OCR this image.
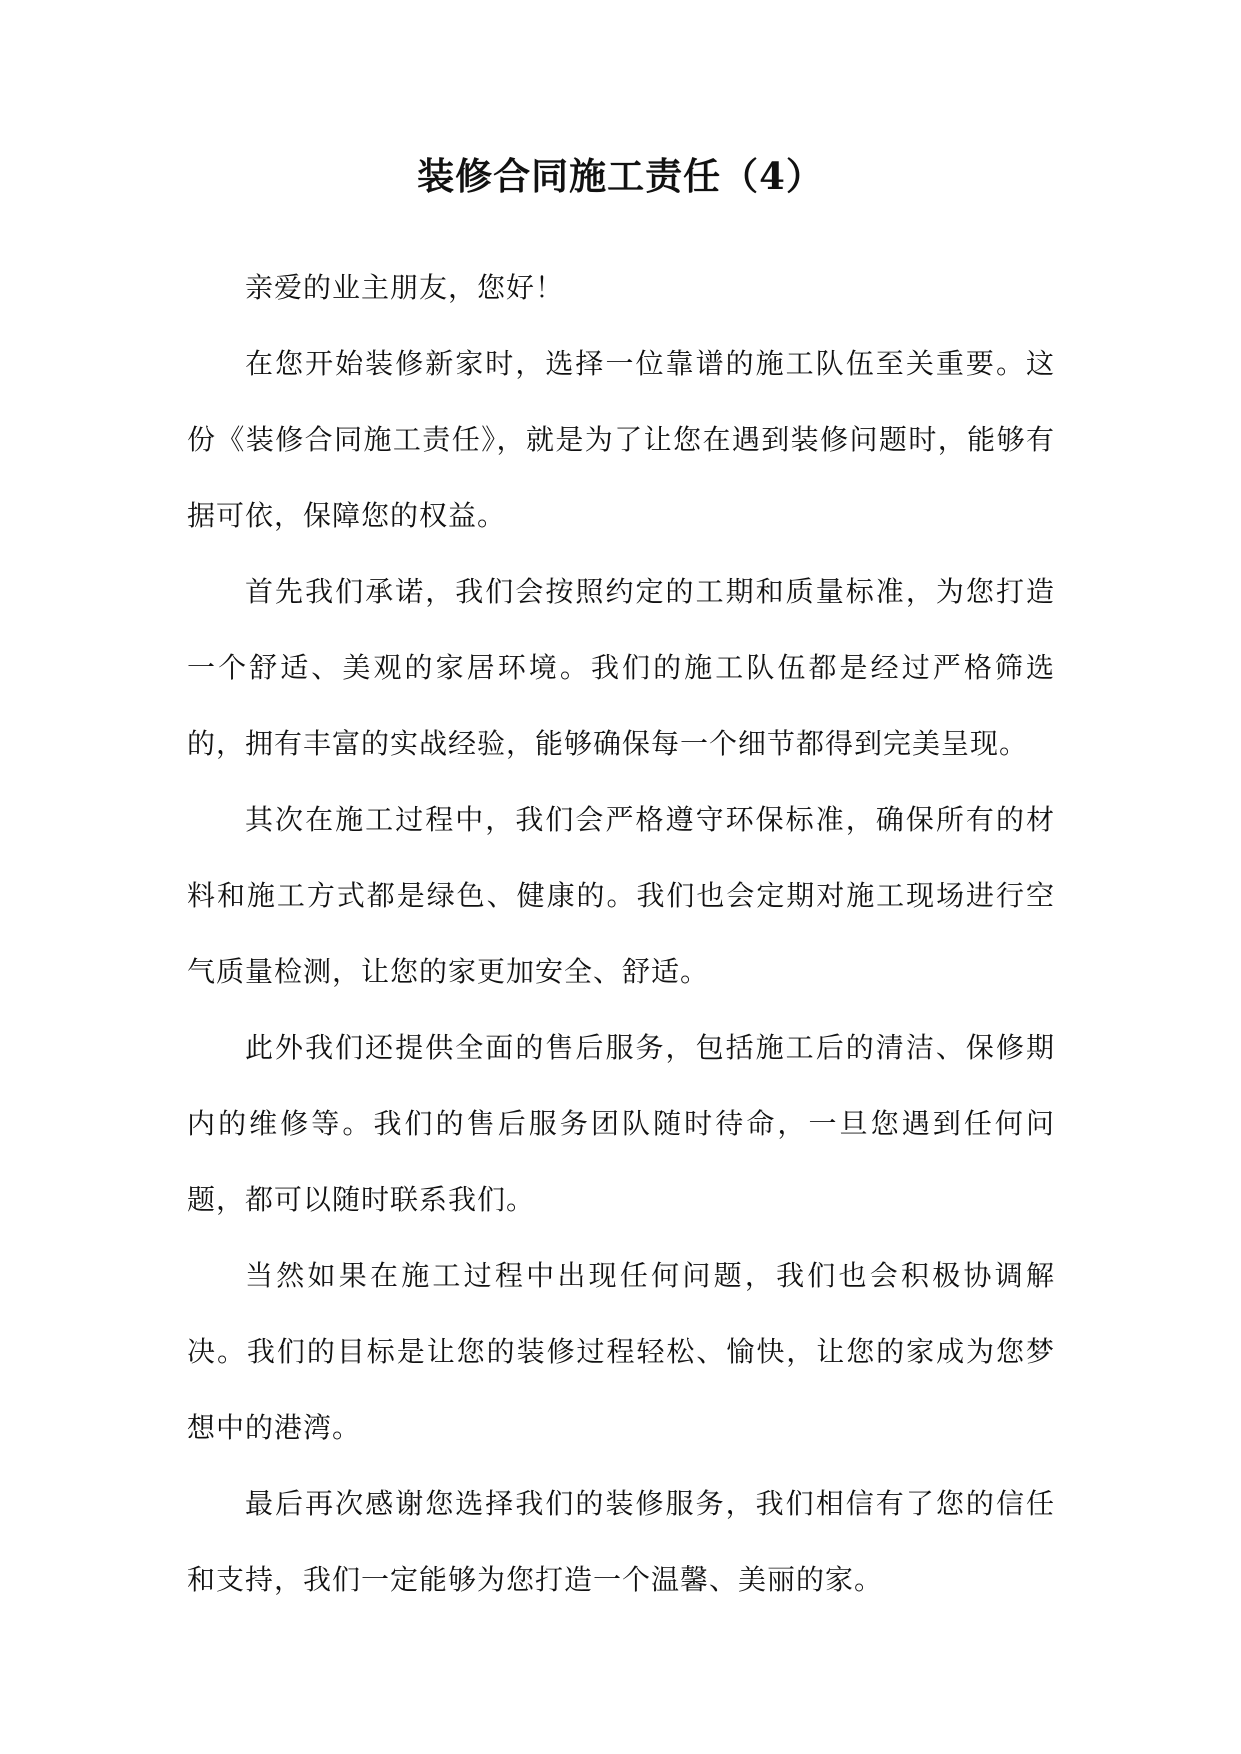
装修合同施工责任（4）

亲爱的业主朋友，您好！

在您开始装修新家时，选择一位靠谱的施工队伍至关重要。这份《装修合同施工责任》，就是为了让您在遇到装修问题时，能够有据可依，保障您的权益。

首先我们承诺，我们会按照约定的工期和质量标准，为您打造一个舒适、美观的家居环境。我们的施工队伍都是经过严格筛选的，拥有丰富的实战经验，能够确保每一个细节都得到完美呈现。

其次在施工过程中，我们会严格遵守环保标准，确保所有的材料和施工方式都是绿色、健康的。我们也会定期对施工现场进行空气质量检测，让您的家更加安全、舒适。

此外我们还提供全面的售后服务，包括施工后的清洁、保修期内的维修等。我们的售后服务团队随时待命，一旦您遇到任何问题，都可以随时联系我们。

当然如果在施工过程中出现任何问题，我们也会积极协调解决。我们的目标是让您的装修过程轻松、愉快，让您的家成为您梦想中的港湾。

最后再次感谢您选择我们的装修服务，我们相信有了您的信任和支持，我们一定能够为您打造一个温馨、美丽的家。
